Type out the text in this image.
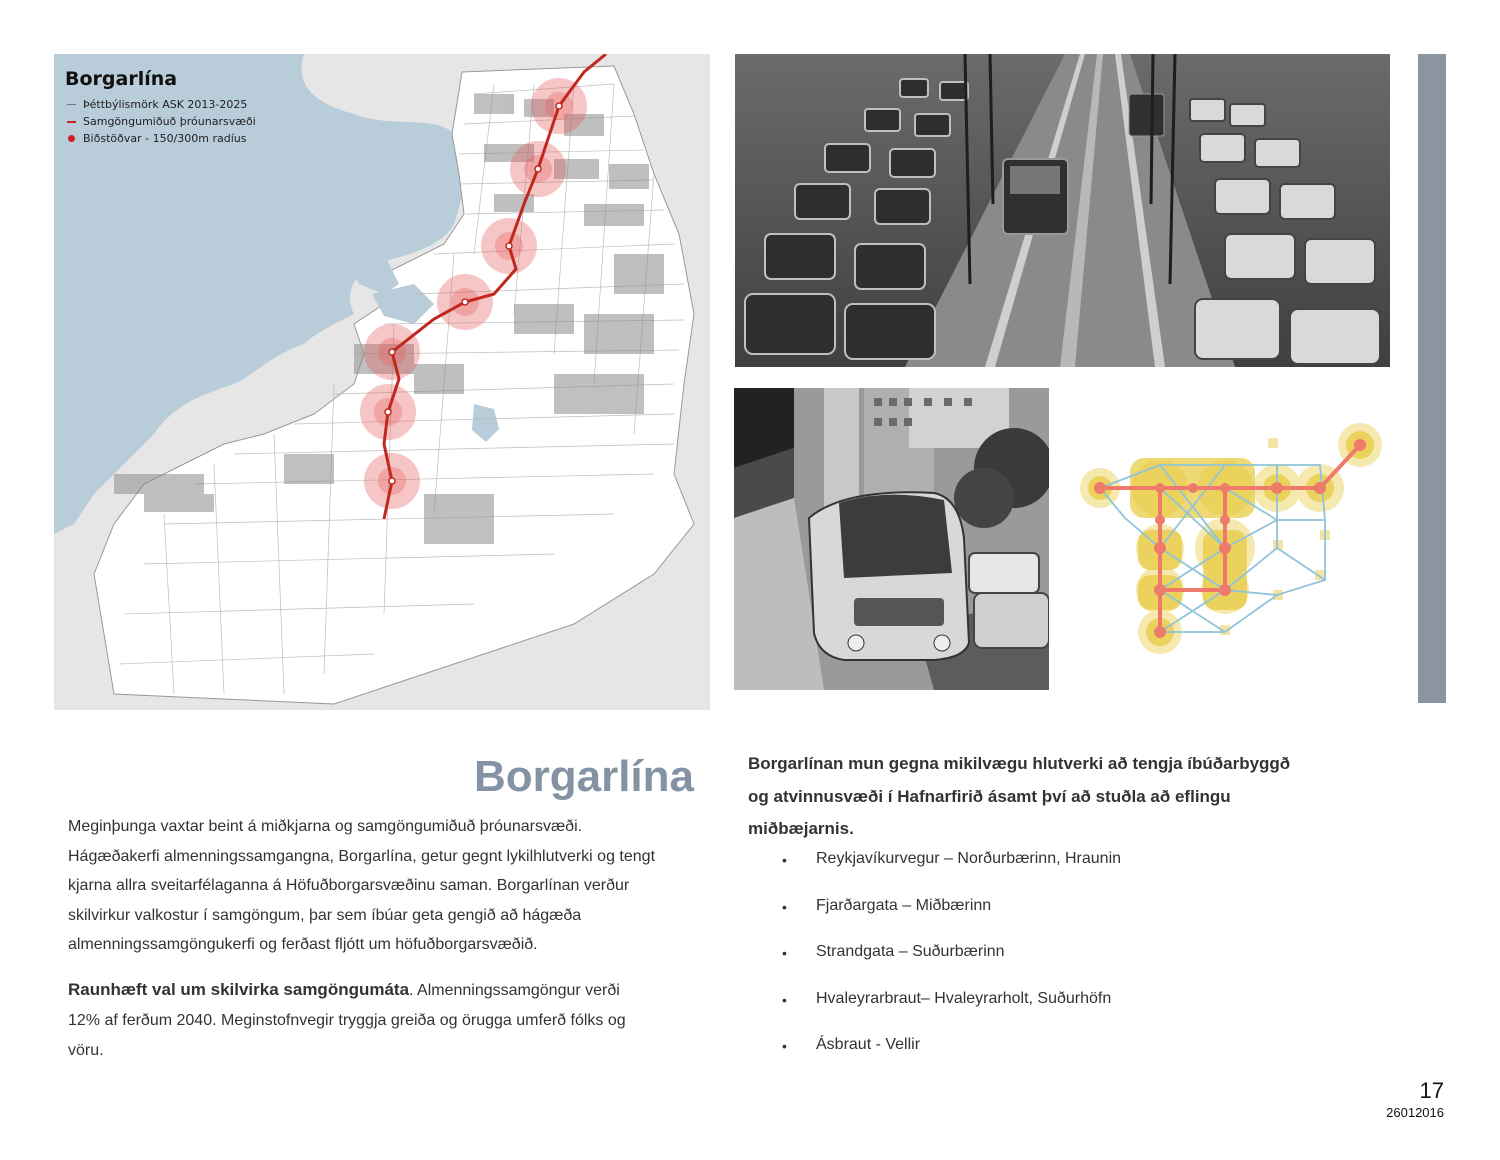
Borgarlína
Þéttbýlismörk ASK 2013-2025
Samgöngumiðuð þróunarsvæði
Biðstöðvar - 150/300m radíus
Borgarlína
Meginþunga vaxtar beint á miðkjarna og samgöngumiðuð þróunarsvæði.
Hágæðakerfi almenningssamgangna, Borgarlína, getur gegnt lykilhlutverki og tengt
kjarna allra sveitarfélaganna á Höfuðborgarsvæðinu saman. Borgarlínan verður
skilvirkur valkostur í samgöngum, þar sem íbúar geta gengið að hágæða
almenningssamgöngukerfi og ferðast fljótt um höfuðborgarsvæðið.
Raunhæft val um skilvirka samgöngumáta. Almenningssamgöngur verði
12% af ferðum 2040. Meginstofnvegir tryggja greiða og örugga umferð fólks og
vöru.
Borgarlínan mun gegna mikilvægu hlutverki að tengja íbúðarbyggð
og atvinnusvæði í Hafnarfirið ásamt því að stuðla að eflingu
miðbæjarnis.
•	Reykjavíkurvegur – Norðurbærinn, Hraunin
•	Fjarðargata – Miðbærinn
•	Strandgata – Suðurbærinn
•	Hvaleyrarbraut– Hvaleyrarholt, Suðurhöfn
•	Ásbraut - Vellir
17
26012016
